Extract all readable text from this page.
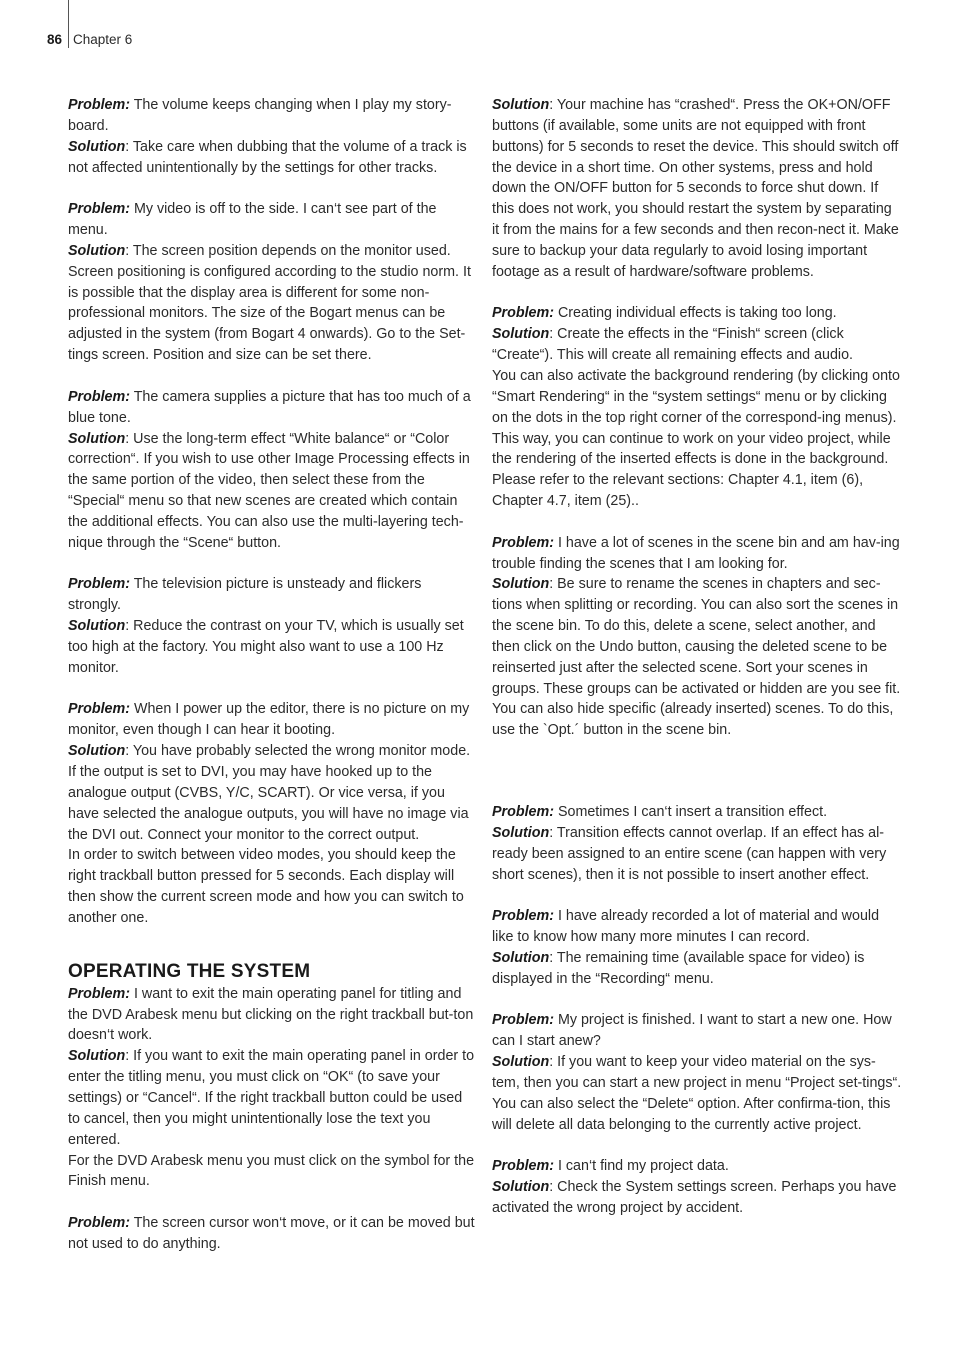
86 Chapter 6

Problem: The volume keeps changing when I play my story-board.

Solution: Take care when dubbing that the volume of a track is not affected unintentionally by the settings for other tracks.

Problem: My video is off to the side. I can‘t see part of the menu.

Solution: The screen position depends on the monitor used. Screen positioning is configured according to the studio norm. It is possible that the display area is different for some non-professional monitors. The size of the Bogart menus can be adjusted in the system (from Bogart 4 onwards). Go to the Set-tings screen. Position and size can be set there.

Problem: The camera supplies a picture that has too much of a blue tone.

Solution: Use the long-term effect “White balance“ or “Color correction“. If you wish to use other Image Processing effects in the same portion of the video, then select these from the “Special“ menu so that new scenes are created which contain the additional effects. You can also use the multi-layering tech-nique through the “Scene“ button.

Problem: The television picture is unsteady and flickers strongly.

Solution: Reduce the contrast on your TV, which is usually set too high at the factory. You might also want to use a 100 Hz monitor.

Problem: When I power up the editor, there is no picture on my monitor, even though I can hear it booting.

Solution: You have probably selected the wrong monitor mode. If the output is set to DVI, you may have hooked up to the analogue output (CVBS, Y/C, SCART). Or vice versa, if you have selected the analogue outputs, you will have no image via the DVI out. Connect your monitor to the correct output.

In order to switch between video modes, you should keep the right trackball button pressed for 5 seconds. Each display will then show the current screen mode and how you can switch to another one.

OPERATING THE SYSTEM

Problem: I want to exit the main operating panel for titling and the DVD Arabesk menu but clicking on the right trackball but-ton doesn‘t work.

Solution: If you want to exit the main operating panel in order to enter the titling menu, you must click on “OK“ (to save your settings) or “Cancel“. If the right trackball button could be used to cancel, then you might unintentionally lose the text you entered.

For the DVD Arabesk menu you must click on the symbol for the Finish menu.

Problem: The screen cursor won‘t move, or it can be moved but not used to do anything.

Solution: Your machine has “crashed“. Press the OK+ON/OFF buttons (if available, some units are not equipped with front buttons) for 5 seconds to reset the device. This should switch off the device in a short time. On other systems, press and hold down the ON/OFF button for 5 seconds to force shut down. If this does not work, you should restart the system by separating it from the mains for a few seconds and then recon-nect it. Make sure to backup your data regularly to avoid losing important footage as a result of hardware/software problems.

Problem: Creating individual effects is taking too long.

Solution: Create the effects in the “Finish“ screen (click “Create“). This will create all remaining effects and audio.

You can also activate the background rendering (by clicking onto “Smart Rendering“ in the “system settings“ menu or by clicking on the dots in the top right corner of the correspond-ing menus). This way, you can continue to work on your video project, while the rendering of the inserted effects is done in the background. Please refer to the relevant sections: Chapter 4.1, item (6), Chapter 4.7, item (25)..

Problem: I have a lot of scenes in the scene bin and am hav-ing trouble finding the scenes that I am looking for.

Solution: Be sure to rename the scenes in chapters and sec-tions when splitting or recording. You can also sort the scenes in the scene bin. To do this, delete a scene, select another, and then click on the Undo button, causing the deleted scene to be reinserted just after the selected scene. Sort your scenes in groups. These groups can be activated or hidden are you see fit.

You can also hide specific (already inserted) scenes. To do this, use the `Opt.´ button in the scene bin.

Problem: Sometimes I can‘t insert a transition effect.

Solution: Transition effects cannot overlap. If an effect has al-ready been assigned to an entire scene (can happen with very short scenes), then it is not possible to insert another effect.

Problem: I have already recorded a lot of material and would like to know how many more minutes I can record.

Solution: The remaining time (available space for video) is displayed in the “Recording“ menu.

Problem: My project is finished. I want to start a new one. How can I start anew?

Solution: If you want to keep your video material on the sys-tem, then you can start a new project in menu “Project set-tings“. You can also select the “Delete“ option. After confirma-tion, this will delete all data belonging to the currently active project.

Problem: I can‘t find my project data.

Solution: Check the System settings screen. Perhaps you have activated the wrong project by accident.
